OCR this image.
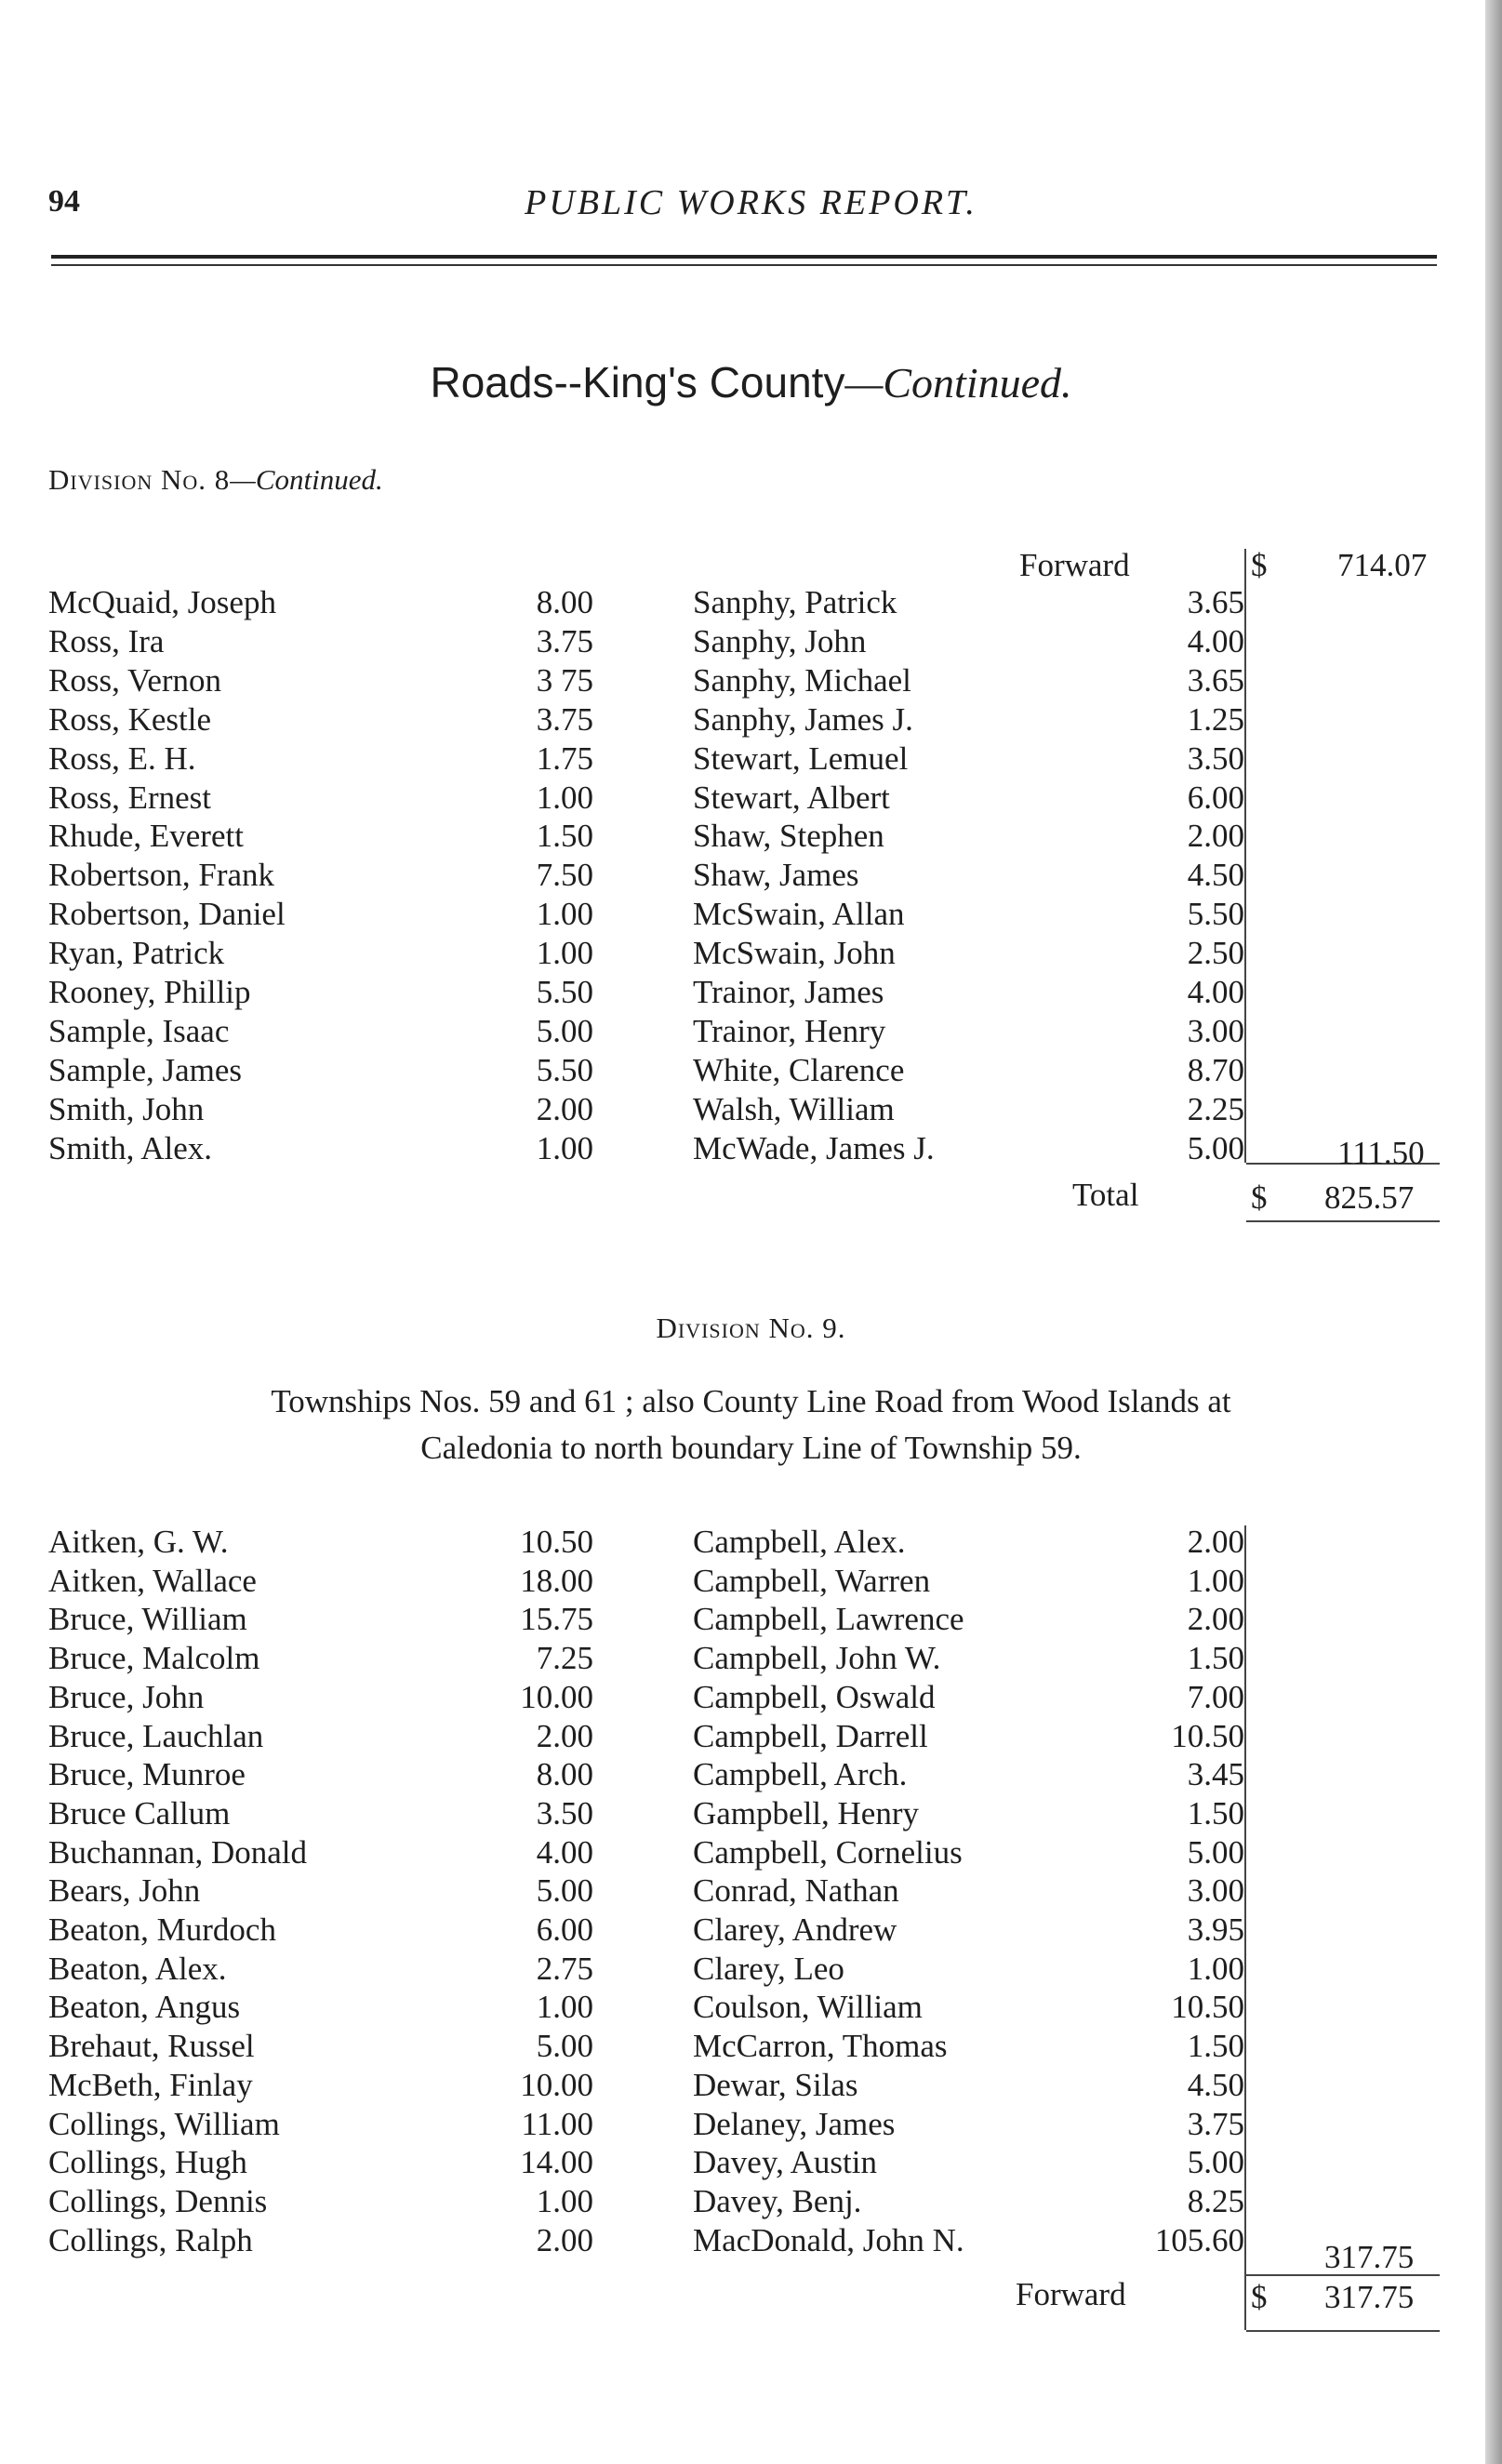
94	PUBLIC WORKS REPORT.
Roads--King's County—Continued.
Division No. 8—Continued.
Forward	$ 714.07
McQuaid, Joseph	8.00
Ross, Ira	3.75
Ross, Vernon	3 75
Ross, Kestle	3.75
Ross, E. H.	1.75
Ross, Ernest	1.00
Rhude, Everett	1.50
Robertson, Frank	7.50
Robertson, Daniel	1.00
Ryan, Patrick	1.00
Rooney, Phillip	5.50
Sample, Isaac	5.00
Sample, James	5.50
Smith, John	2.00
Smith, Alex.	1.00
Sanphy, Patrick	3.65
Sanphy, John	4.00
Sanphy, Michael	3.65
Sanphy, James J.	1.25
Stewart, Lemuel	3.50
Stewart, Albert	6.00
Shaw, Stephen	2.00
Shaw, James	4.50
McSwain, Allan	5.50
McSwain, John	2.50
Trainor, James	4.00
Trainor, Henry	3.00
White, Clarence	8.70
Walsh, William	2.25
McWade, James J.	5.00	111.50
Total	$ 825.57
Division No. 9.
Townships Nos. 59 and 61 ; also County Line Road from Wood Islands at
Caledonia to north boundary Line of Township 59.
Aitken, G. W.	10.50
Aitken, Wallace	18.00
Bruce, William	15.75
Bruce, Malcolm	7.25
Bruce, John	10.00
Bruce, Lauchlan	2.00
Bruce, Munroe	8.00
Bruce Callum	3.50
Buchannan, Donald	4.00
Bears, John	5.00
Beaton, Murdoch	6.00
Beaton, Alex.	2.75
Beaton, Angus	1.00
Brehaut, Russel	5.00
McBeth, Finlay	10.00
Collings, William	11.00
Collings, Hugh	14.00
Collings, Dennis	1.00
Collings, Ralph	2.00
Campbell, Alex.	2.00
Campbell, Warren	1.00
Campbell, Lawrence	2.00
Campbell, John W.	1.50
Campbell, Oswald	7.00
Campbell, Darrell	10.50
Campbell, Arch.	3.45
Gampbell, Henry	1.50
Campbell, Cornelius	5.00
Conrad, Nathan	3.00
Clarey, Andrew	3.95
Clarey, Leo	1.00
Coulson, William	10.50
McCarron, Thomas	1.50
Dewar, Silas	4.50
Delaney, James	3.75
Davey, Austin	5.00
Davey, Benj.	8.25
MacDonald, John N.	105.60 317.75
Forward	$ 317.75
